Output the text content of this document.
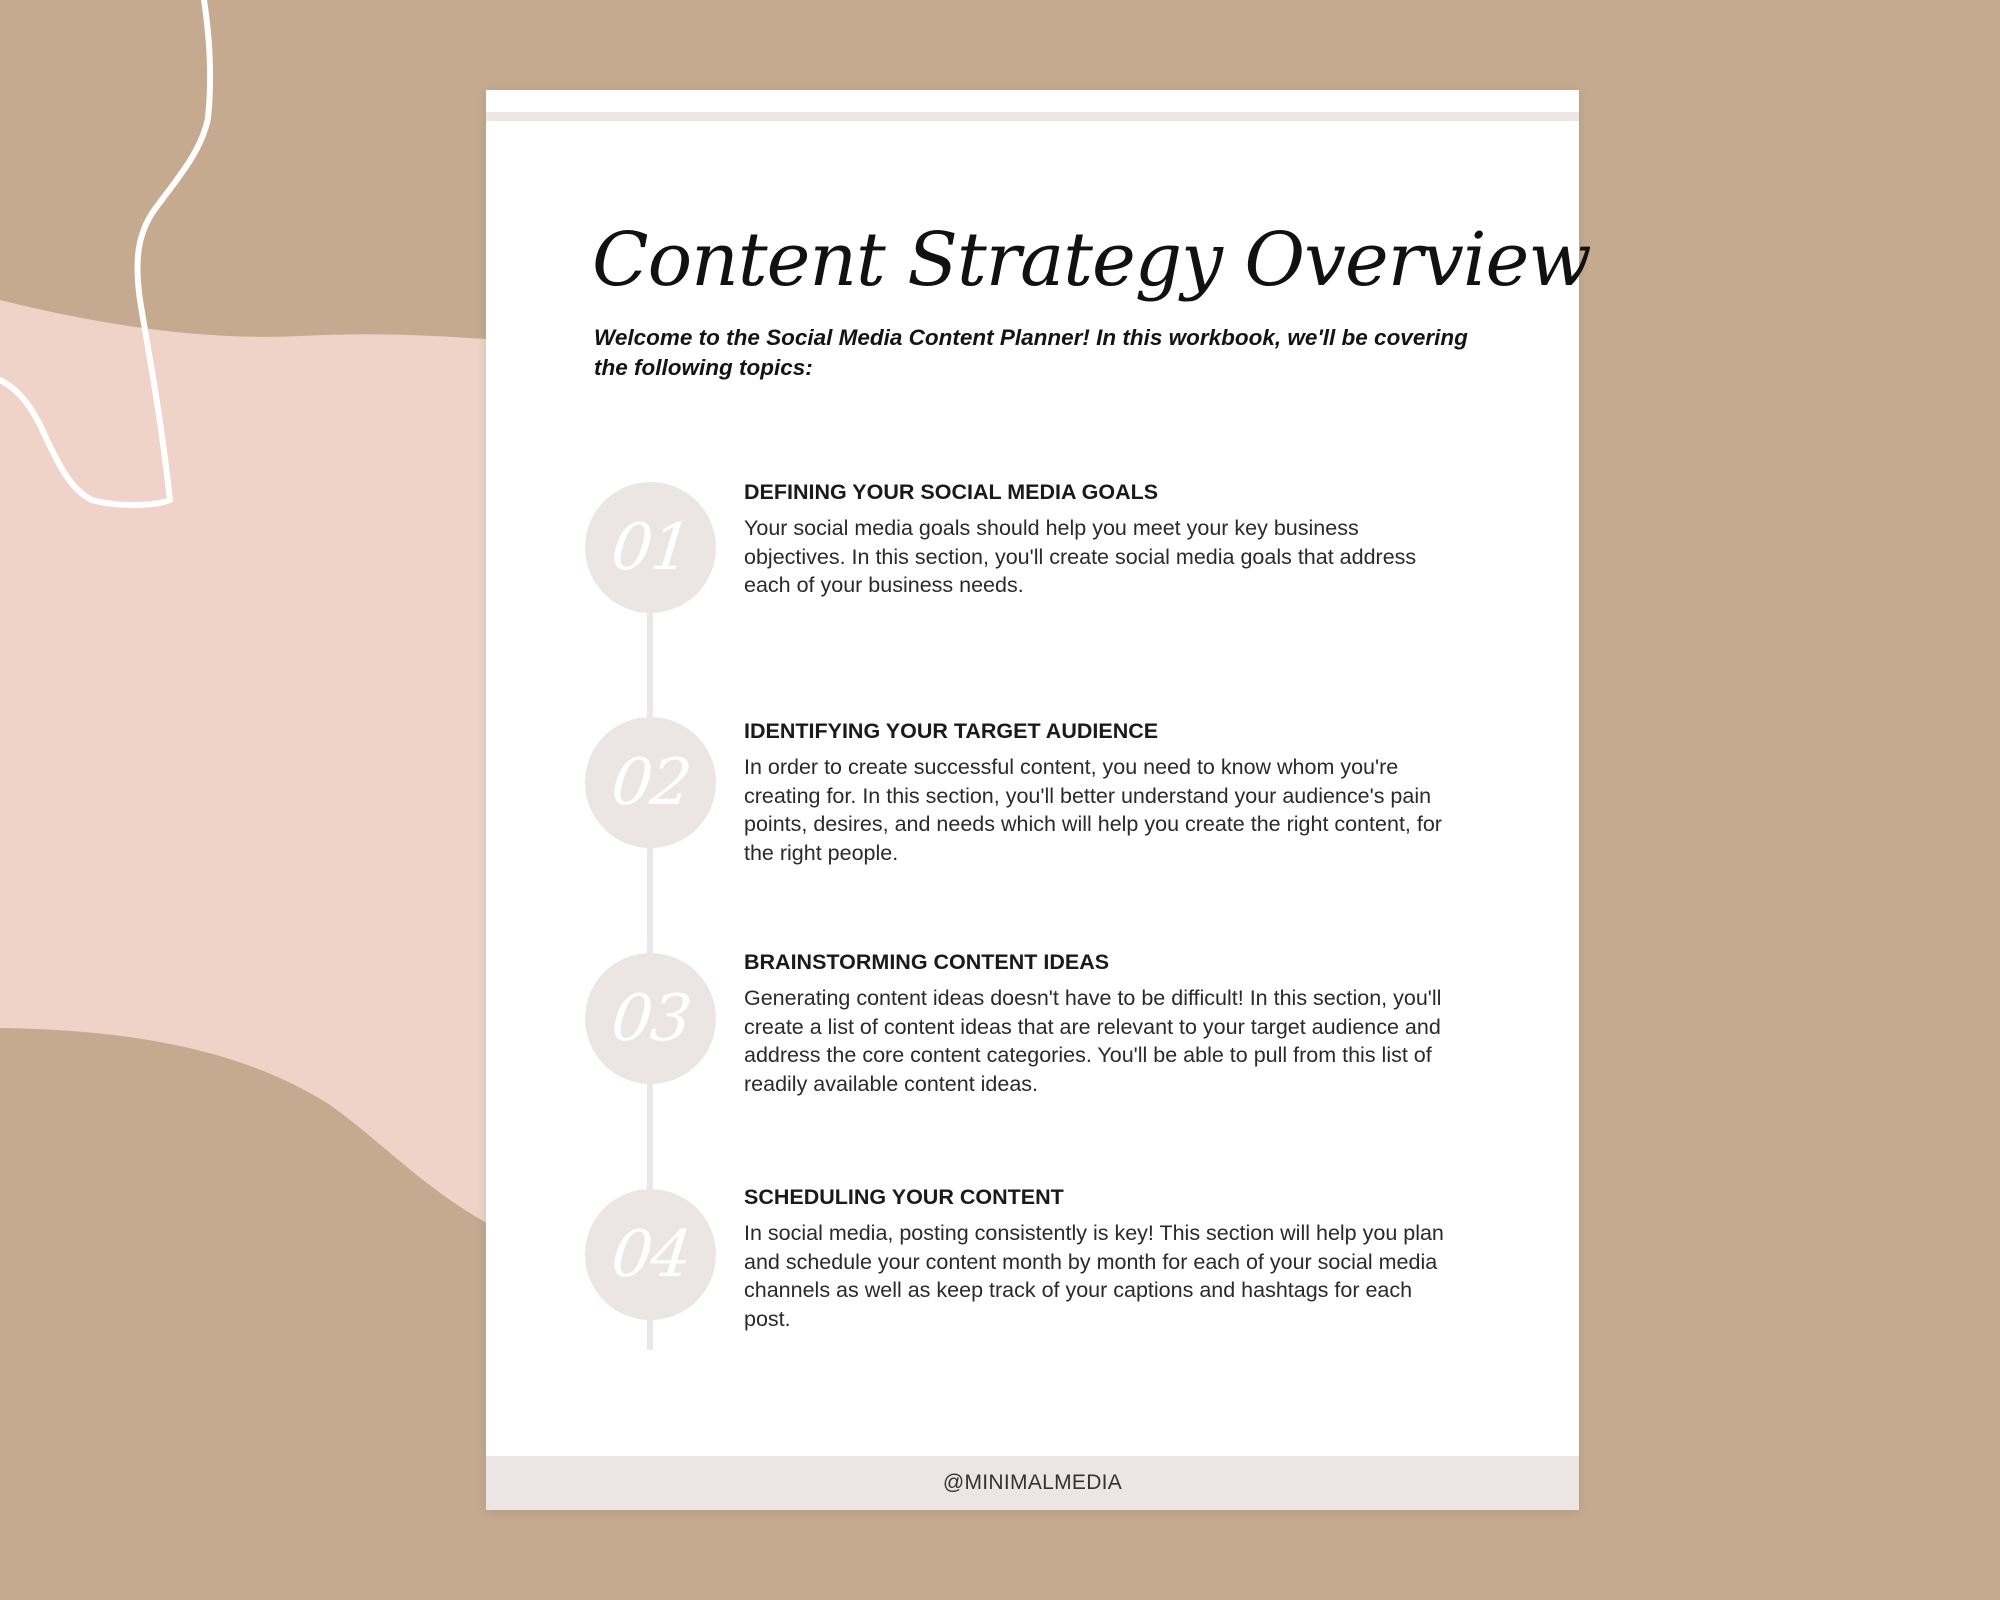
Content Strategy Overview

Welcome to the Social Media Content Planner! In this workbook, we'll be covering the following topics:

01
DEFINING YOUR SOCIAL MEDIA GOALS

Your social media goals should help you meet your key business objectives. In this section, you'll create social media goals that address each of your business needs.

02
IDENTIFYING YOUR TARGET AUDIENCE

In order to create successful content, you need to know whom you're creating for. In this section, you'll better understand your audience's pain points, desires, and needs which will help you create the right content, for the right people.

03
BRAINSTORMING CONTENT IDEAS

Generating content ideas doesn't have to be difficult! In this section, you'll create a list of content ideas that are relevant to your target audience and address the core content categories. You'll be able to pull from this list of readily available content ideas.

04
SCHEDULING YOUR CONTENT

In social media, posting consistently is key! This section will help you plan and schedule your content month by month for each of your social media channels as well as keep track of your captions and hashtags for each post.

@MINIMALMEDIA
